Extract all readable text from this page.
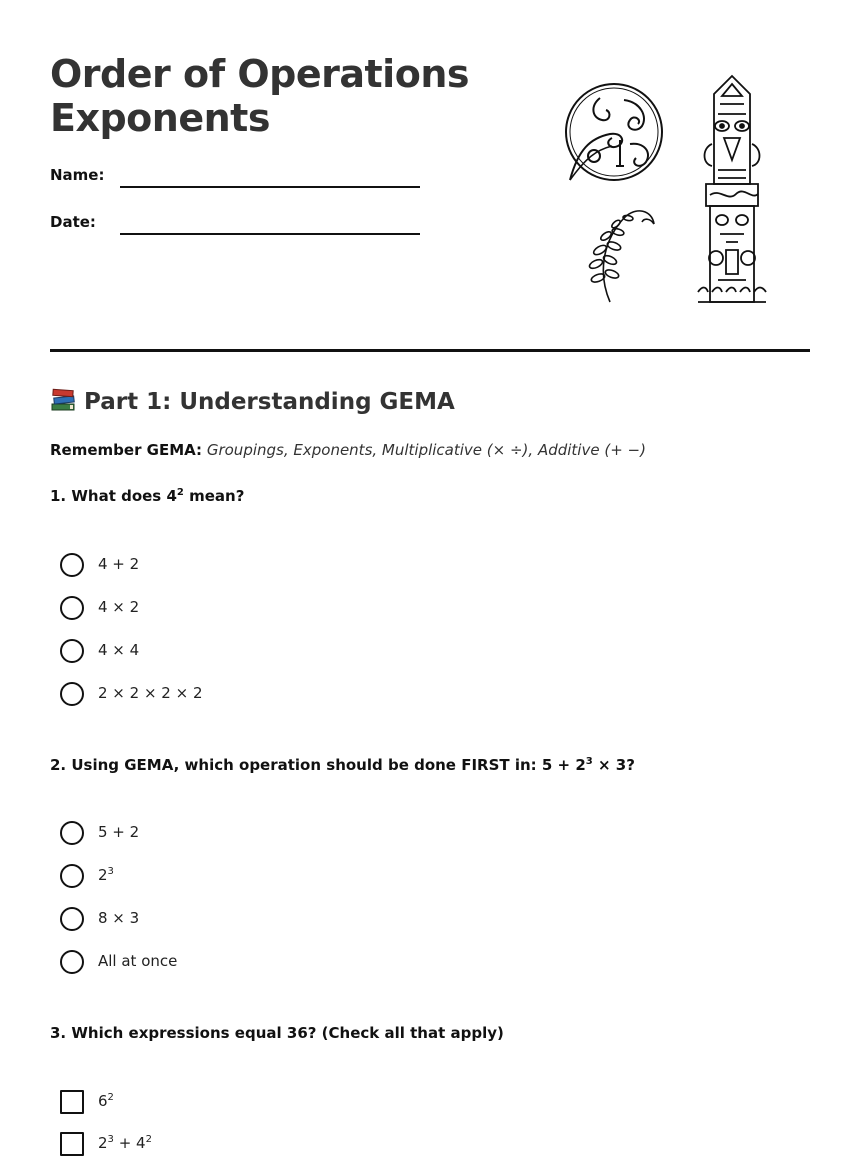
Order of Operations
Exponents
Name:
Date:
Part 1: Understanding GEMA
Remember GEMA: Groupings, Exponents, Multiplicative (× ÷), Additive (+ −)
1. What does $4^2$ mean?
4 + 2
4 × 2
4 × 4
2 × 2 × 2 × 2
2. Using GEMA, which operation should be done FIRST in: $5 + 2^3 \times 3$?
5 + 2
$2^3$
8 × 3
All at once
3. Which expressions equal 36? (Check all that apply)
$6^2$
$2^3 + 4^2$
